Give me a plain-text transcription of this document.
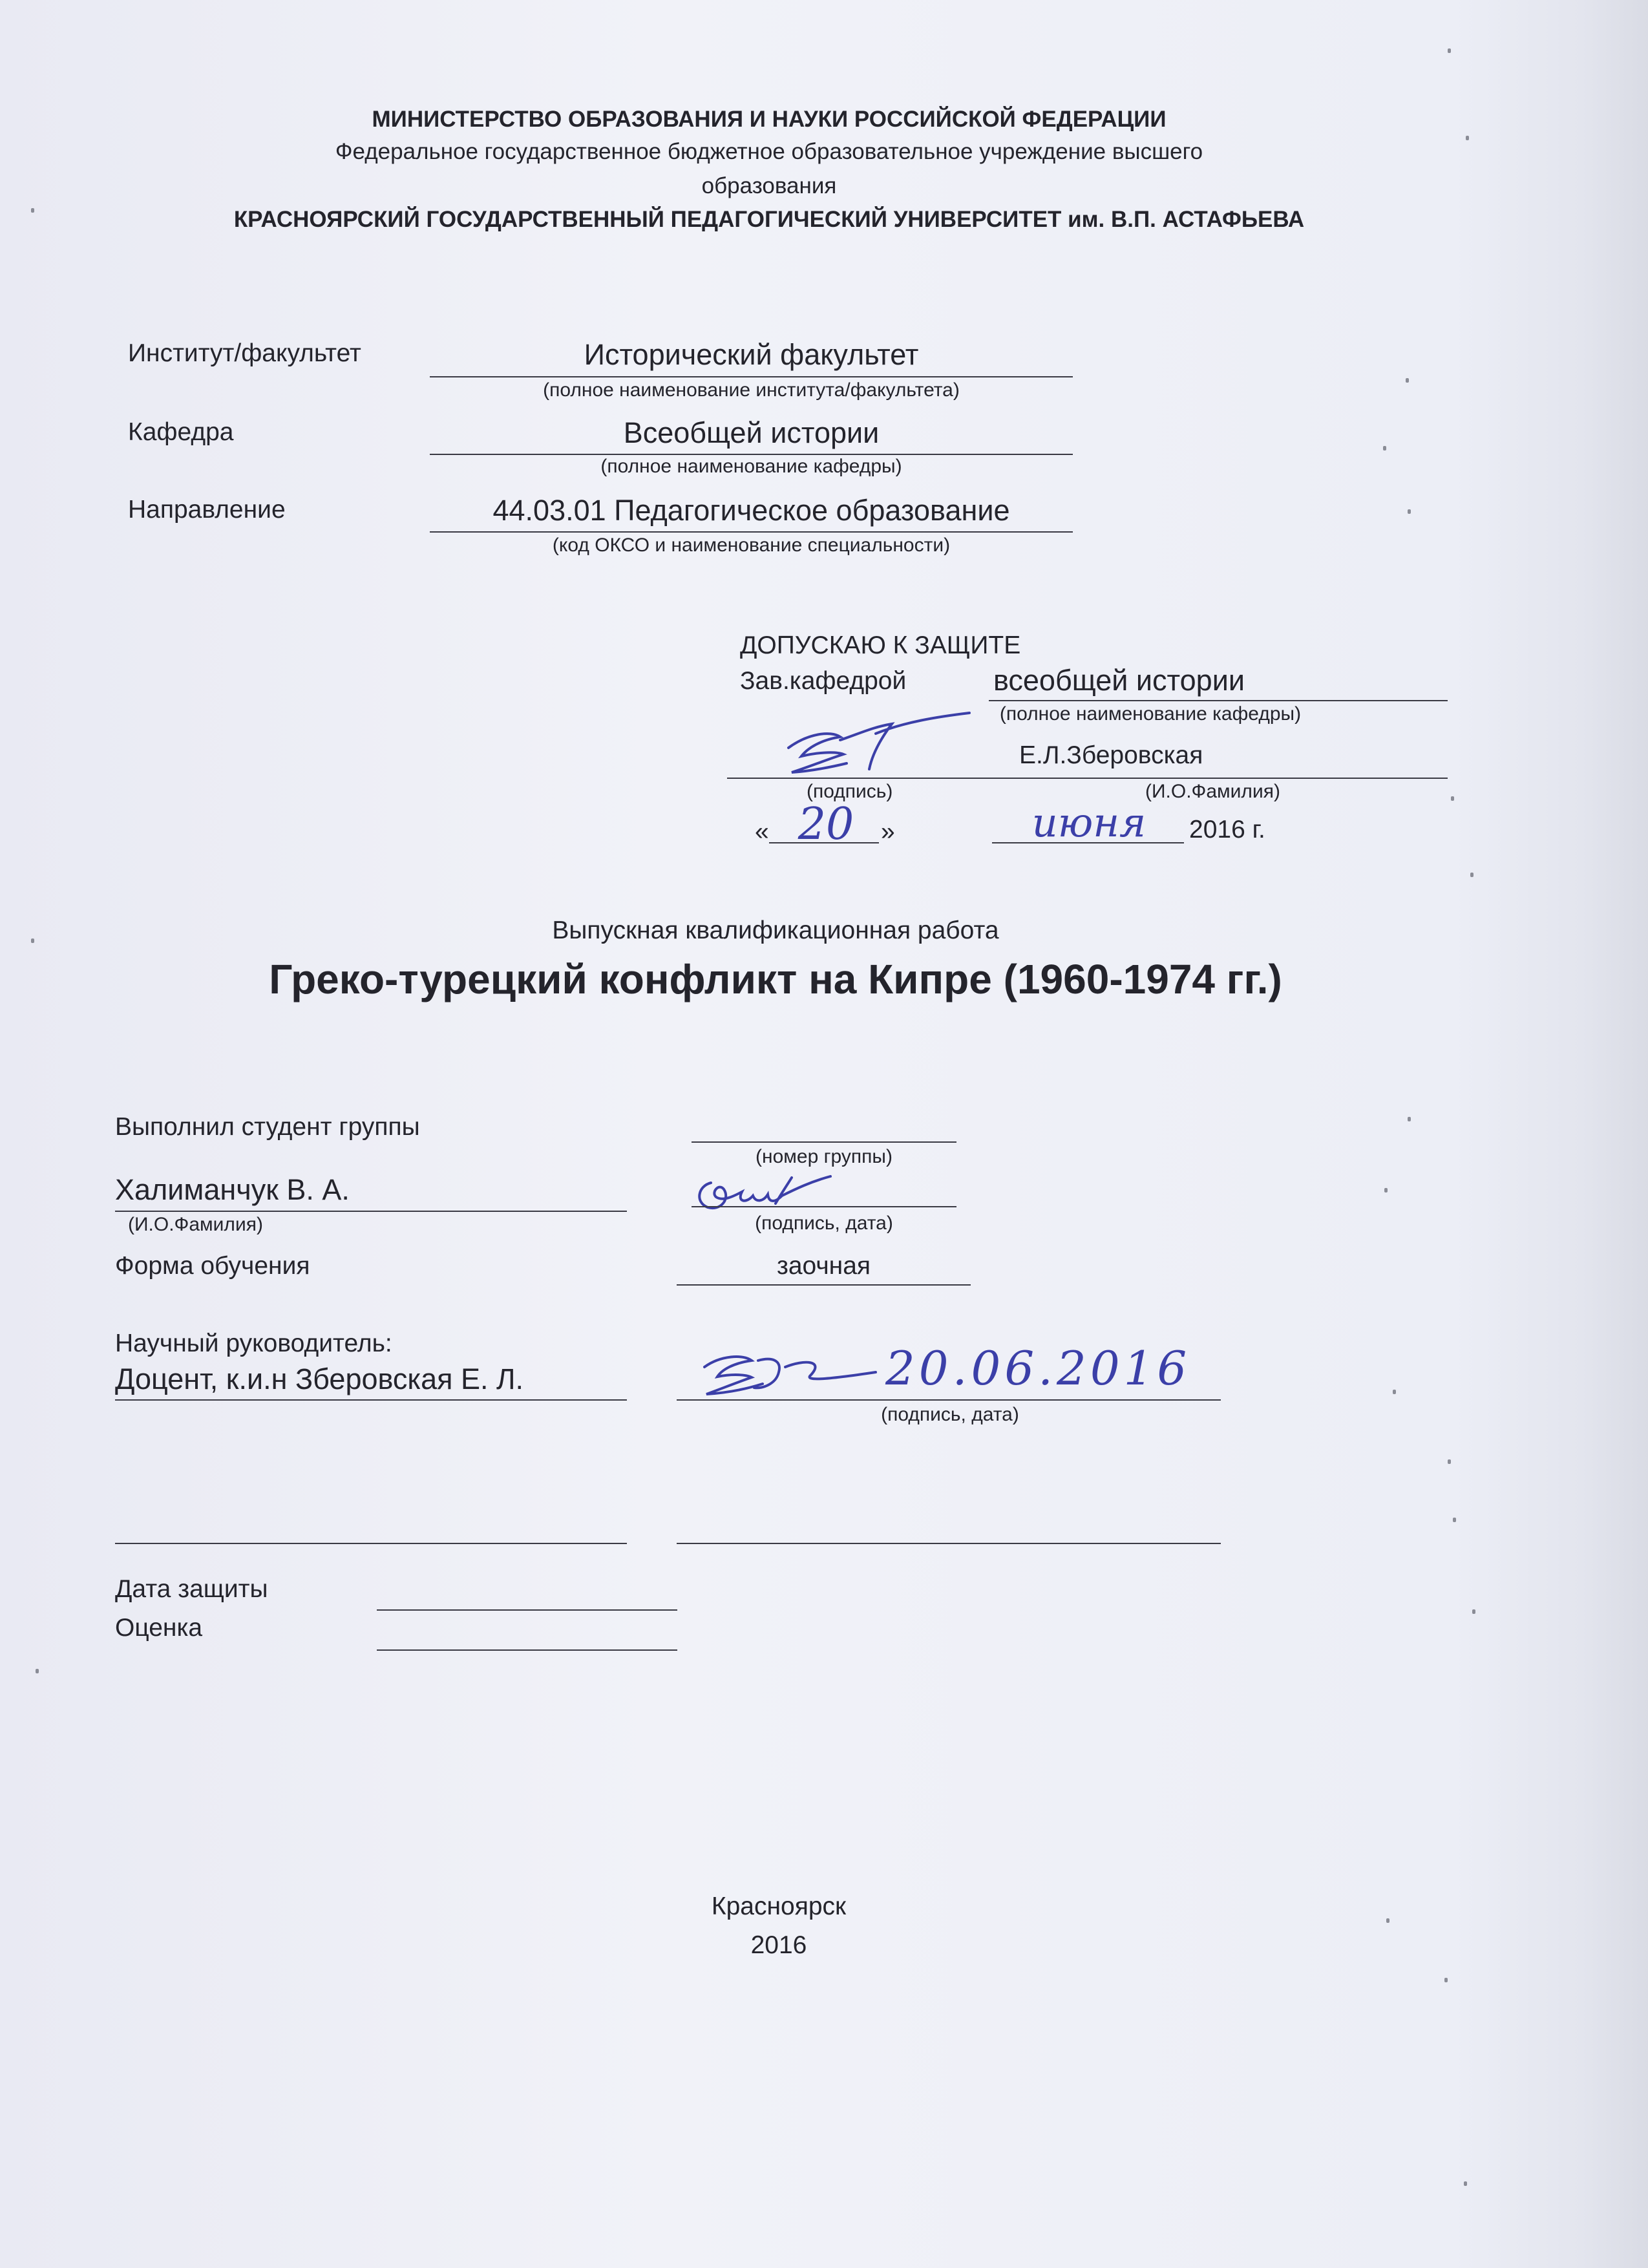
МИНИСТЕРСТВО ОБРАЗОВАНИЯ И НАУКИ РОССИЙСКОЙ ФЕДЕРАЦИИ
Федеральное государственное бюджетное образовательное учреждение высшего
образования
КРАСНОЯРСКИЙ ГОСУДАРСТВЕННЫЙ ПЕДАГОГИЧЕСКИЙ УНИВЕРСИТЕТ им. В.П. АСТАФЬЕВА
Институт/факультет	Исторический факультет
(полное наименование института/факультета)
Кафедра	Всеобщей истории
(полное наименование кафедры)
Направление	44.03.01 Педагогическое образование
(код ОКСО и наименование специальности)
ДОПУСКАЮ К ЗАЩИТЕ
Зав.кафедрой	всеобщей истории
(полное наименование кафедры)
Е.Л.Зберовская
(подпись)	(И.О.Фамилия)
« 20	»	июня	2016 г.
Выпускная квалификационная работа
Греко-турецкий конфликт на Кипре (1960-1974 гг.)
Выполнил студент группы
(номер группы)
Халиманчук В. А.
(И.О.Фамилия)	(подпись, дата)
Форма обучения	заочная
Научный руководитель:
Доцент, к.и.н Зберовская Е. Л.	20.06.2016
(подпись, дата)
Дата защиты
Оценка
Красноярск
2016
